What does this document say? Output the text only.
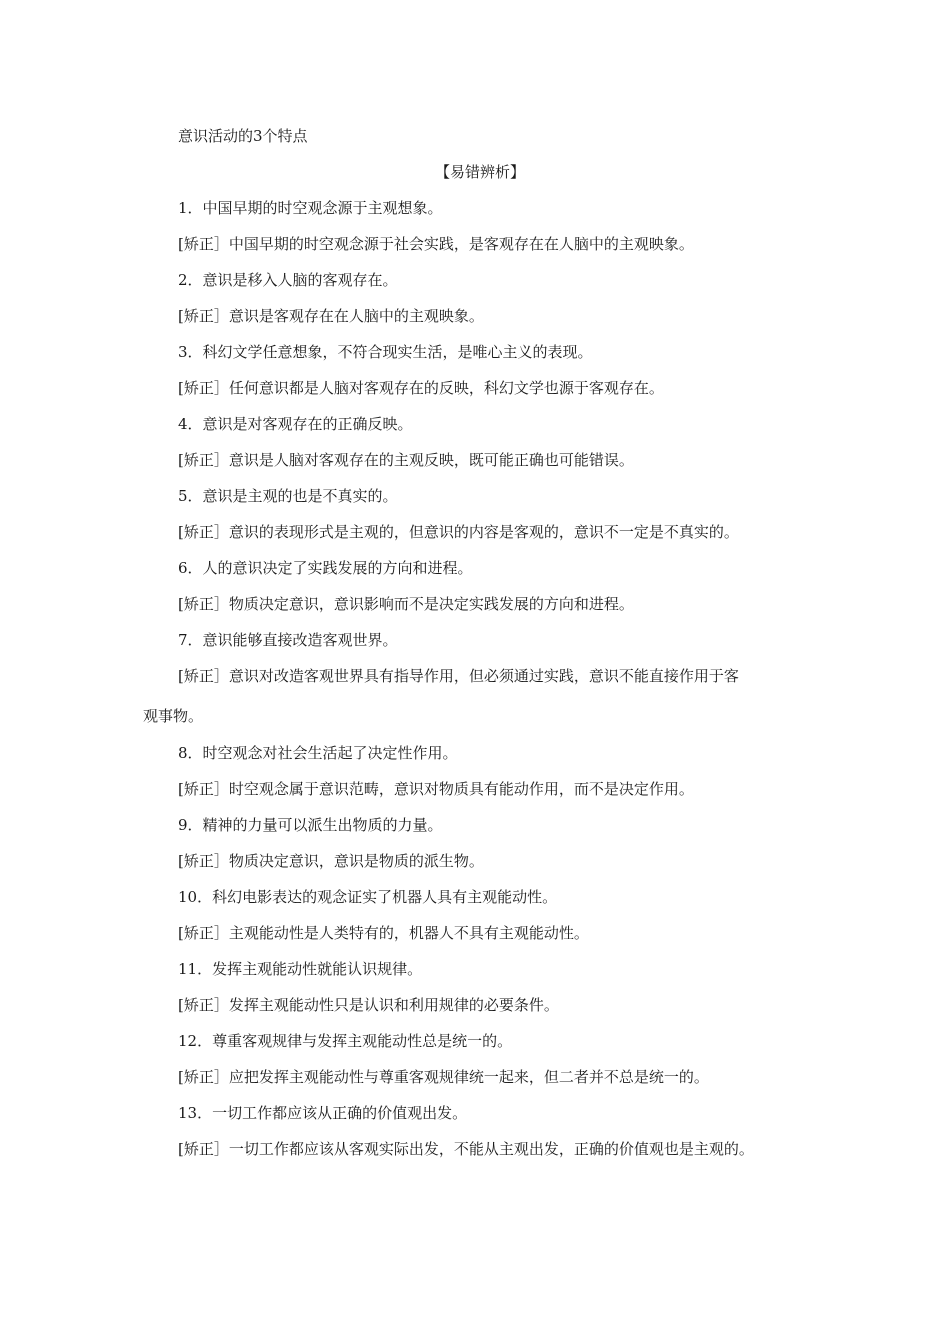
意识活动的3个特点
【易错辨析】
1．中国早期的时空观念源于主观想象。
[矫正］中国早期的时空观念源于社会实践，是客观存在在人脑中的主观映象。
2．意识是移入人脑的客观存在。
[矫正］意识是客观存在在人脑中的主观映象。
3．科幻文学任意想象，不符合现实生活，是唯心主义的表现。
[矫正］任何意识都是人脑对客观存在的反映，科幻文学也源于客观存在。
4．意识是对客观存在的正确反映。
[矫正］意识是人脑对客观存在的主观反映，既可能正确也可能错误。
5．意识是主观的也是不真实的。
[矫正］意识的表现形式是主观的，但意识的内容是客观的，意识不一定是不真实的。
6．人的意识决定了实践发展的方向和进程。
[矫正］物质决定意识，意识影响而不是决定实践发展的方向和进程。
7．意识能够直接改造客观世界。
[矫正］意识对改造客观世界具有指导作用，但必须通过实践，意识不能直接作用于客
观事物。
8．时空观念对社会生活起了决定性作用。
[矫正］时空观念属于意识范畴，意识对物质具有能动作用，而不是决定作用。
9．精神的力量可以派生出物质的力量。
[矫正］物质决定意识，意识是物质的派生物。
10．科幻电影表达的观念证实了机器人具有主观能动性。
[矫正］主观能动性是人类特有的，机器人不具有主观能动性。
11．发挥主观能动性就能认识规律。
[矫正］发挥主观能动性只是认识和利用规律的必要条件。
12．尊重客观规律与发挥主观能动性总是统一的。
[矫正］应把发挥主观能动性与尊重客观规律统一起来，但二者并不总是统一的。
13．一切工作都应该从正确的价值观出发。
[矫正］一切工作都应该从客观实际出发，不能从主观出发，正确的价值观也是主观的。
